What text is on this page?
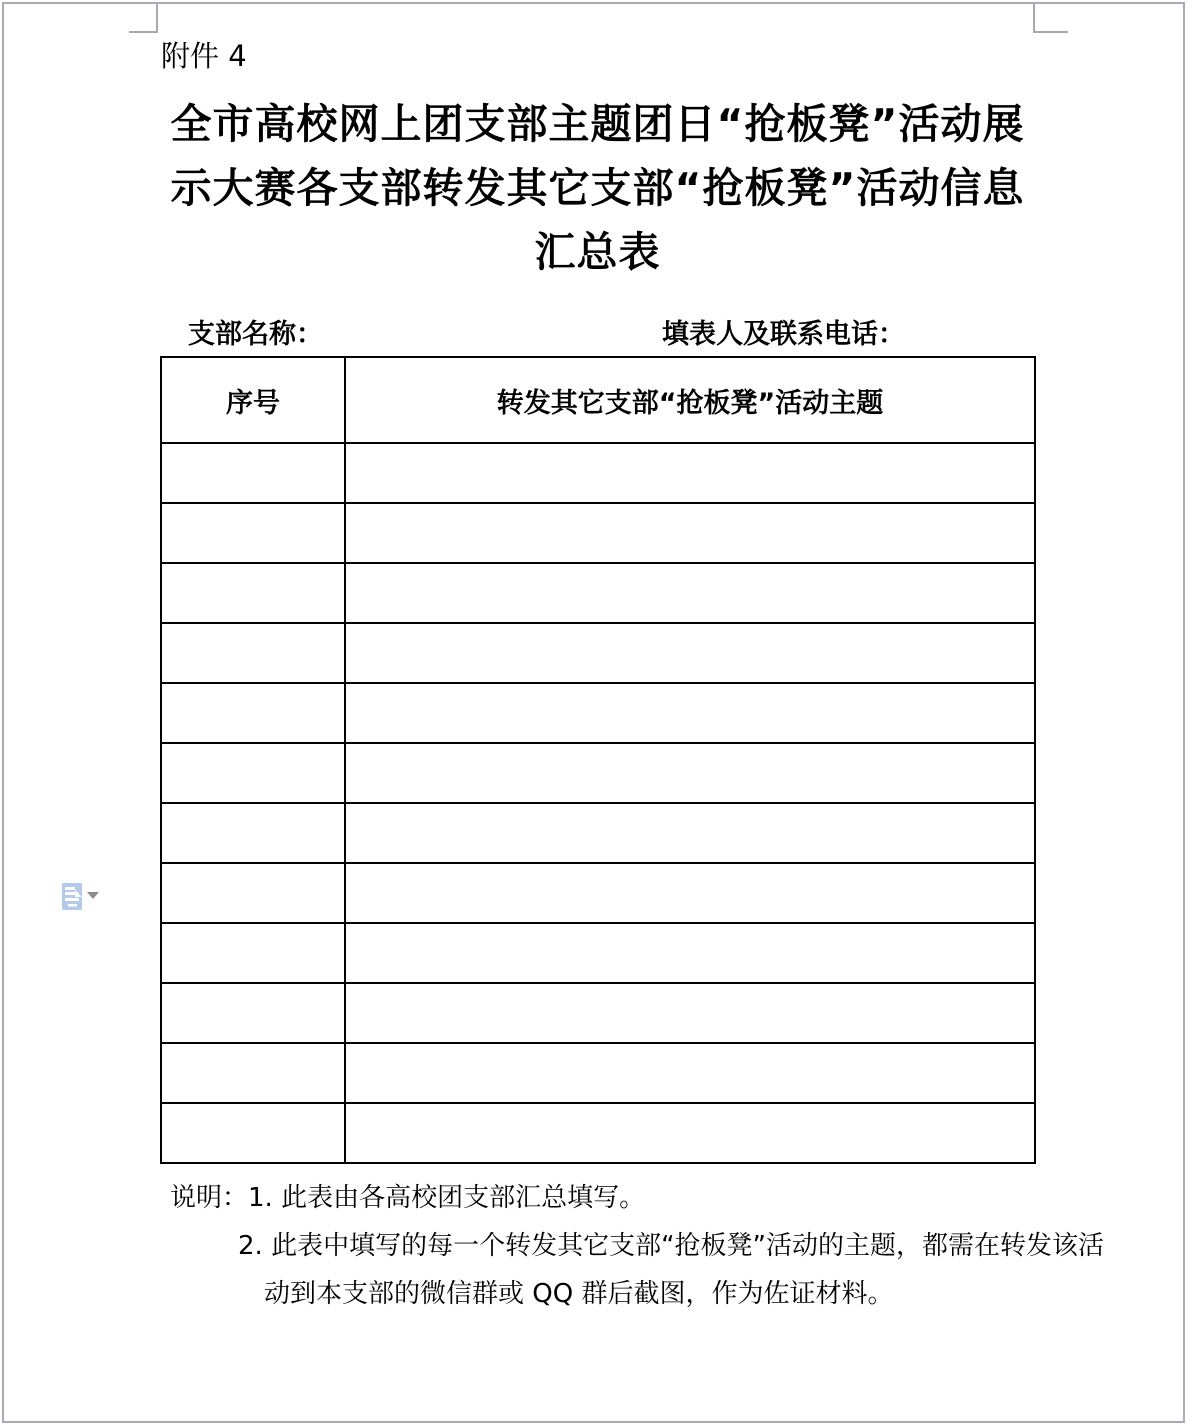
附件 4
全市高校网上团支部主题团日“抢板凳”活动展
示大赛各支部转发其它支部“抢板凳”活动信息
汇总表
支部名称：	填表人及联系电话：
序号	转发其它支部“抢板凳”活动主题

说明：1. 此表由各高校团支部汇总填写。
2. 此表中填写的每一个转发其它支部“抢板凳”活动的主题，都需在转发该活
动到本支部的微信群或 QQ 群后截图，作为佐证材料。
